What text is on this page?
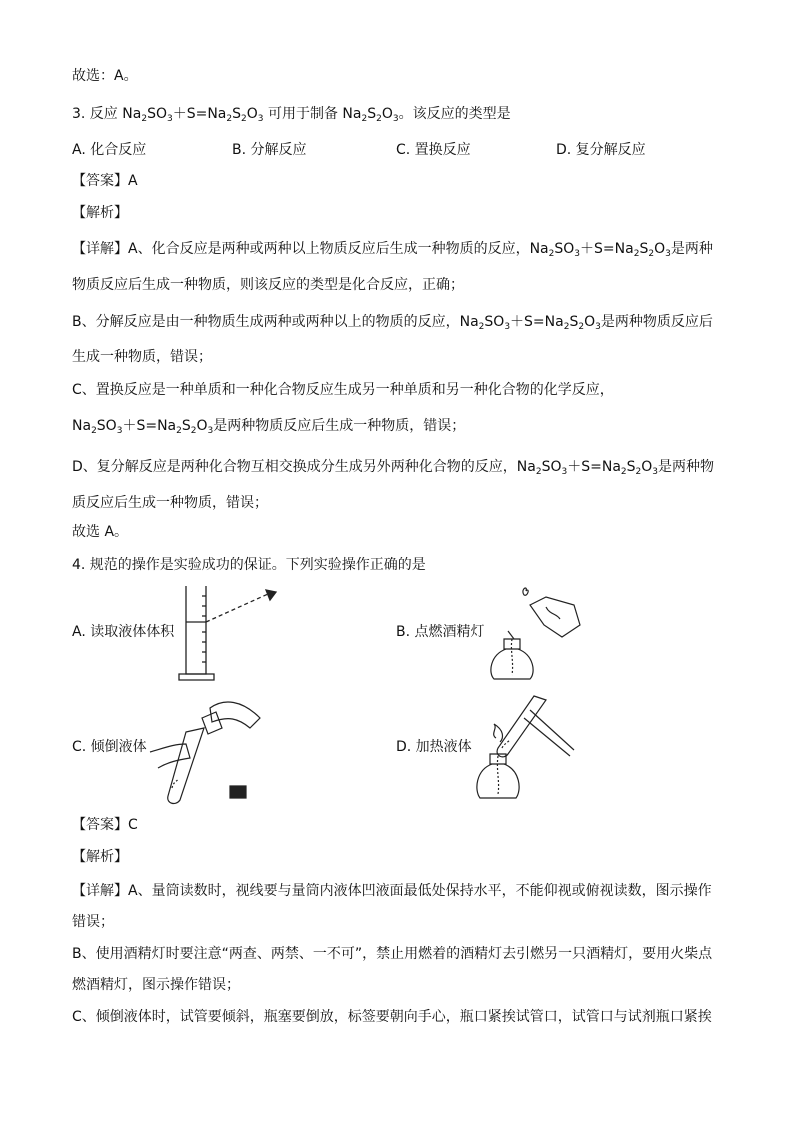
故选：A。
3. 反应 $Na_2SO_3+S=Na_2S_2O_3$ 可用于制备 $Na_2S_2O_3$。该反应的类型是
A. 化合反应	B. 分解反应	C. 置换反应	D. 复分解反应
【答案】A
【解析】
【详解】A、化合反应是两种或两种以上物质反应后生成一种物质的反应，$Na_2SO_3+S=Na_2S_2O_3$是两种
物质反应后生成一种物质，则该反应的类型是化合反应，正确；
B、分解反应是由一种物质生成两种或两种以上的物质的反应，$Na_2SO_3+S=Na_2S_2O_3$是两种物质反应后
生成一种物质，错误；
C、置换反应是一种单质和一种化合物反应生成另一种单质和另一种化合物的化学反应，
$Na_2SO_3+S=Na_2S_2O_3$是两种物质反应后生成一种物质，错误；
D、复分解反应是两种化合物互相交换成分生成另外两种化合物的反应，$Na_2SO_3+S=Na_2S_2O_3$是两种物
质反应后生成一种物质，错误；
故选 A。
4. 规范的操作是实验成功的保证。下列实验操作正确的是
A. 读取液体体积	B. 点燃酒精灯
C. 倾倒液体	D. 加热液体
【答案】C
【解析】
【详解】A、量筒读数时，视线要与量筒内液体凹液面最低处保持水平，不能仰视或俯视读数，图示操作
错误；
B、使用酒精灯时要注意“两查、两禁、一不可”，禁止用燃着的酒精灯去引燃另一只酒精灯，要用火柴点
燃酒精灯，图示操作错误；
C、倾倒液体时，试管要倾斜，瓶塞要倒放，标签要朝向手心，瓶口紧挨试管口，试管口与试剂瓶口紧挨
